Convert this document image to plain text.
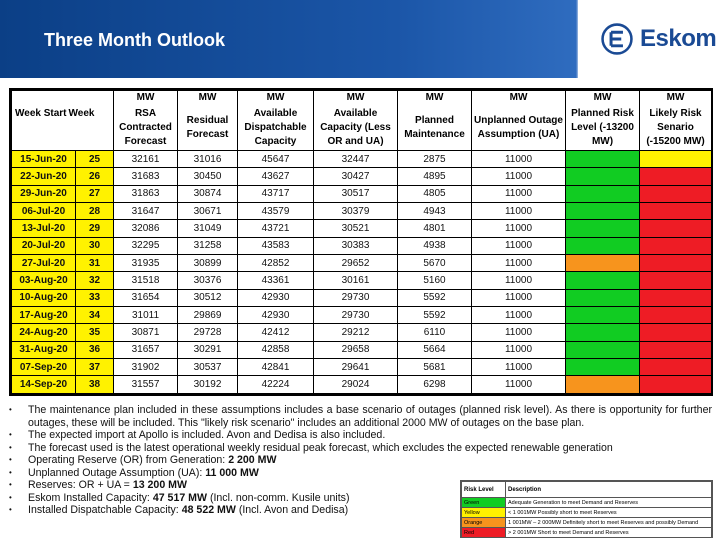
Three Month Outlook	Eskom
Week Start Week		MW	MW	MW	MW	MW	MW	MW	MW
		RSA Contracted Forecast	Residual Forecast	Available Dispatchable Capacity	Available Capacity (Less OR and UA)	Planned Maintenance	Unplanned Outage Assumption (UA)	Planned Risk Level (-13200 MW)	Likely Risk Senario (-15200 MW)
15-Jun-20	25	32161	31016	45647	32447	2875	11000		
22-Jun-20	26	31683	30450	43627	30427	4895	11000		
29-Jun-20	27	31863	30874	43717	30517	4805	11000		
06-Jul-20	28	31647	30671	43579	30379	4943	11000		
13-Jul-20	29	32086	31049	43721	30521	4801	11000		
20-Jul-20	30	32295	31258	43583	30383	4938	11000		
27-Jul-20	31	31935	30899	42852	29652	5670	11000		
03-Aug-20	32	31518	30376	43361	30161	5160	11000		
10-Aug-20	33	31654	30512	42930	29730	5592	11000		
17-Aug-20	34	31011	29869	42930	29730	5592	11000		
24-Aug-20	35	30871	29728	42412	29212	6110	11000		
31-Aug-20	36	31657	30291	42858	29658	5664	11000		
07-Sep-20	37	31902	30537	42841	29641	5681	11000		
14-Sep-20	38	31557	30192	42224	29024	6298	11000		
•	The maintenance plan included in these assumptions includes a base scenario of outages (planned risk level). As there is opportunity for further outages, these will be included. This "likely risk scenario" includes an additional 2000 MW of outages on the base plan.
•	The expected import at Apollo is included. Avon and Dedisa is also included.
•	The forecast used is the latest operational weekly residual peak forecast, which excludes the expected renewable generation
•	Operating Reserve (OR) from Generation: 2 200 MW
•	Unplanned Outage Assumption (UA): 11 000 MW
•	Reserves: OR + UA = 13 200 MW
•	Eskom Installed Capacity: 47 517 MW (Incl. non-comm. Kusile units)
•	Installed Dispatchable Capacity: 48 522 MW (Incl. Avon and Dedisa)
Risk Level	Description
Green	Adequate Generation to meet Demand and Reserves
Yellow	< 1 001MW Possibly short to meet Reserves
Orange	1 001MW – 2 000MW Definitely short to meet Reserves and possibly Demand
Red	> 2 001MW Short to meet Demand and Reserves
